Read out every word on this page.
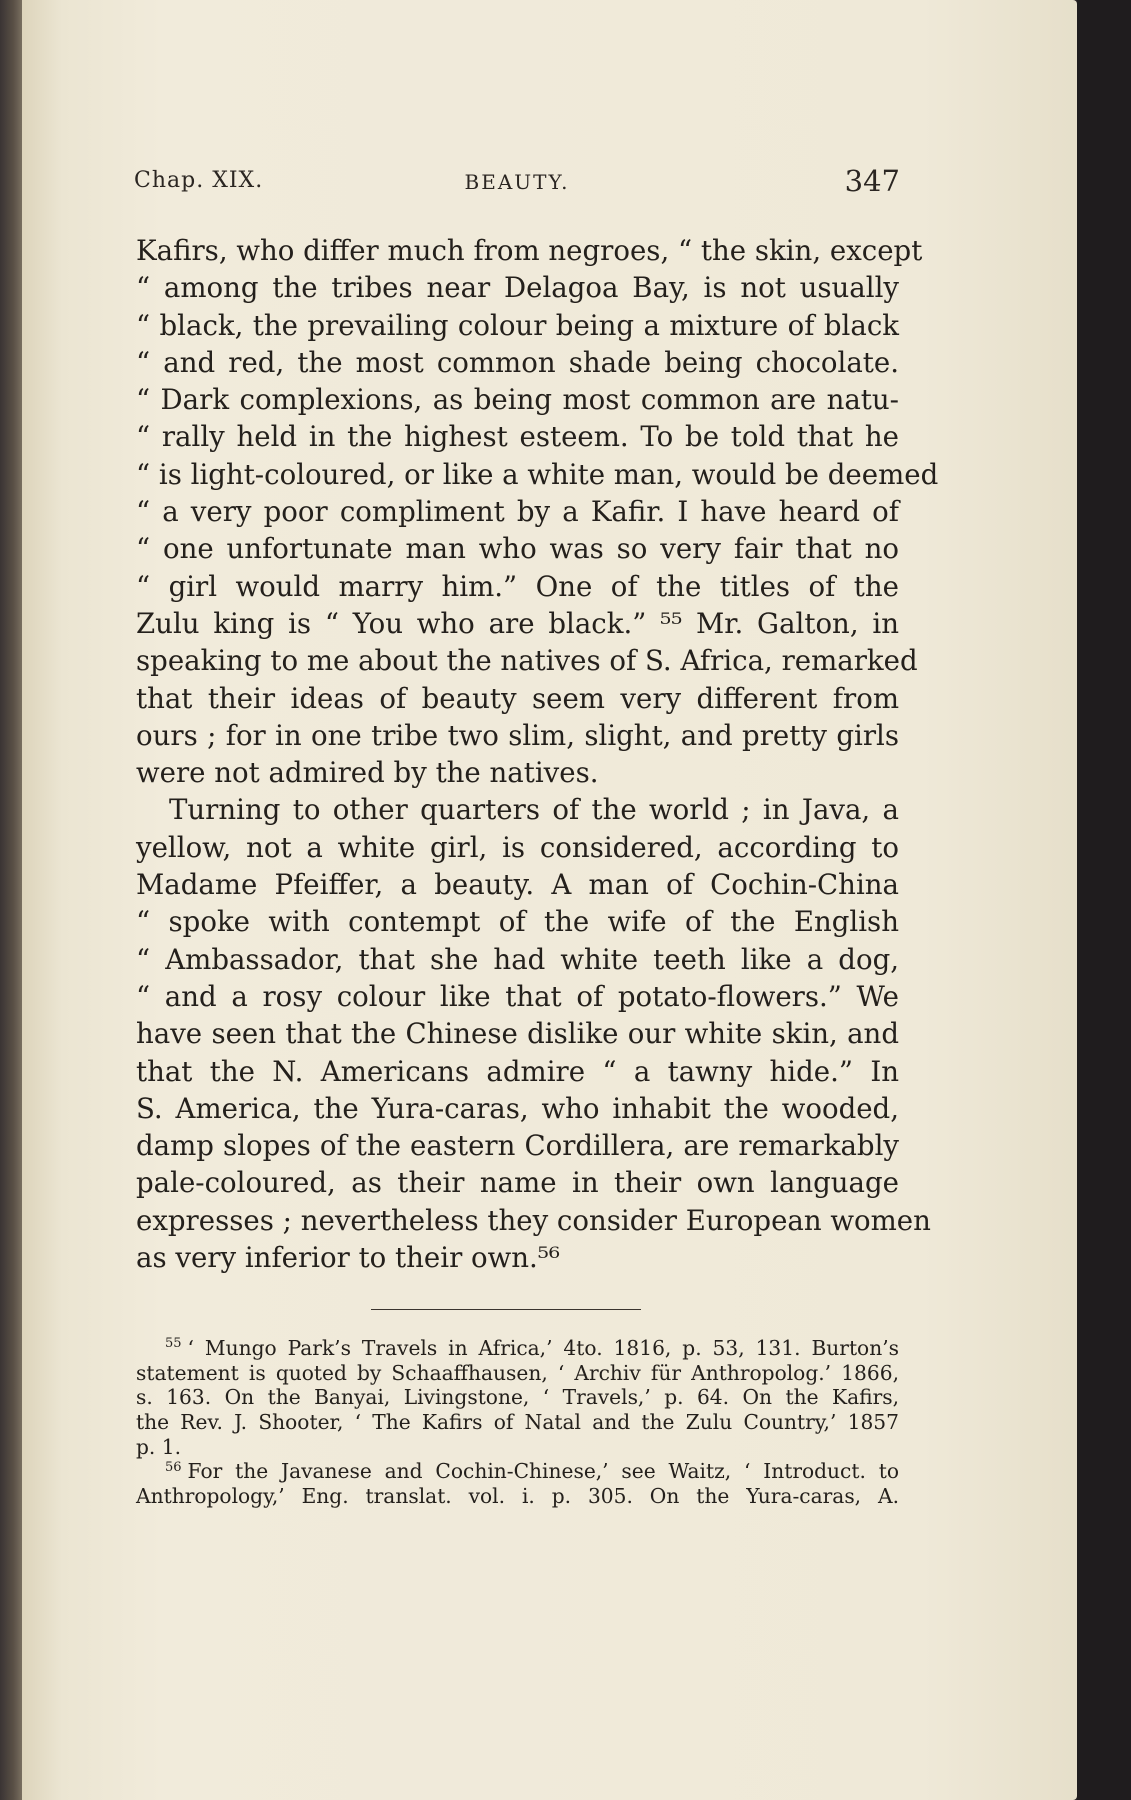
Chap. XIX.	BEAUTY.	347
Kafirs, who differ much from negroes, “ the skin, except
“ among the tribes near Delagoa Bay, is not usually
“ black, the prevailing colour being a mixture of black
“ and red, the most common shade being chocolate.
“ Dark complexions, as being most common are natu-
“ rally held in the highest esteem. To be told that he
“ is light-coloured, or like a white man, would be deemed
“ a very poor compliment by a Kafir. I have heard of
“ one unfortunate man who was so very fair that no
“ girl would marry him.” One of the titles of the
Zulu king is “ You who are black.” ⁵⁵ Mr. Galton, in
speaking to me about the natives of S. Africa, remarked
that their ideas of beauty seem very different from
ours ; for in one tribe two slim, slight, and pretty girls
were not admired by the natives.
Turning to other quarters of the world ; in Java, a
yellow, not a white girl, is considered, according to
Madame Pfeiffer, a beauty. A man of Cochin-China
“ spoke with contempt of the wife of the English
“ Ambassador, that she had white teeth like a dog,
“ and a rosy colour like that of potato-flowers.” We
have seen that the Chinese dislike our white skin, and
that the N. Americans admire “ a tawny hide.” In
S. America, the Yura-caras, who inhabit the wooded,
damp slopes of the eastern Cordillera, are remarkably
pale-coloured, as their name in their own language
expresses ; nevertheless they consider European women
as very inferior to their own.⁵⁶
$^{55}$ ‘ Mungo Park’s Travels in Africa,’ 4to. 1816, p. 53, 131. Burton’s
statement is quoted by Schaaffhausen, ‘ Archiv für Anthropolog.’ 1866,
s. 163. On the Banyai, Livingstone, ‘ Travels,’ p. 64. On the Kafirs,
the Rev. J. Shooter, ‘ The Kafirs of Natal and the Zulu Country,’ 1857
p. 1.
$^{56}$ For the Javanese and Cochin-Chinese,’ see Waitz, ‘ Introduct. to
Anthropology,’ Eng. translat. vol. i. p. 305. On the Yura-caras, A.
